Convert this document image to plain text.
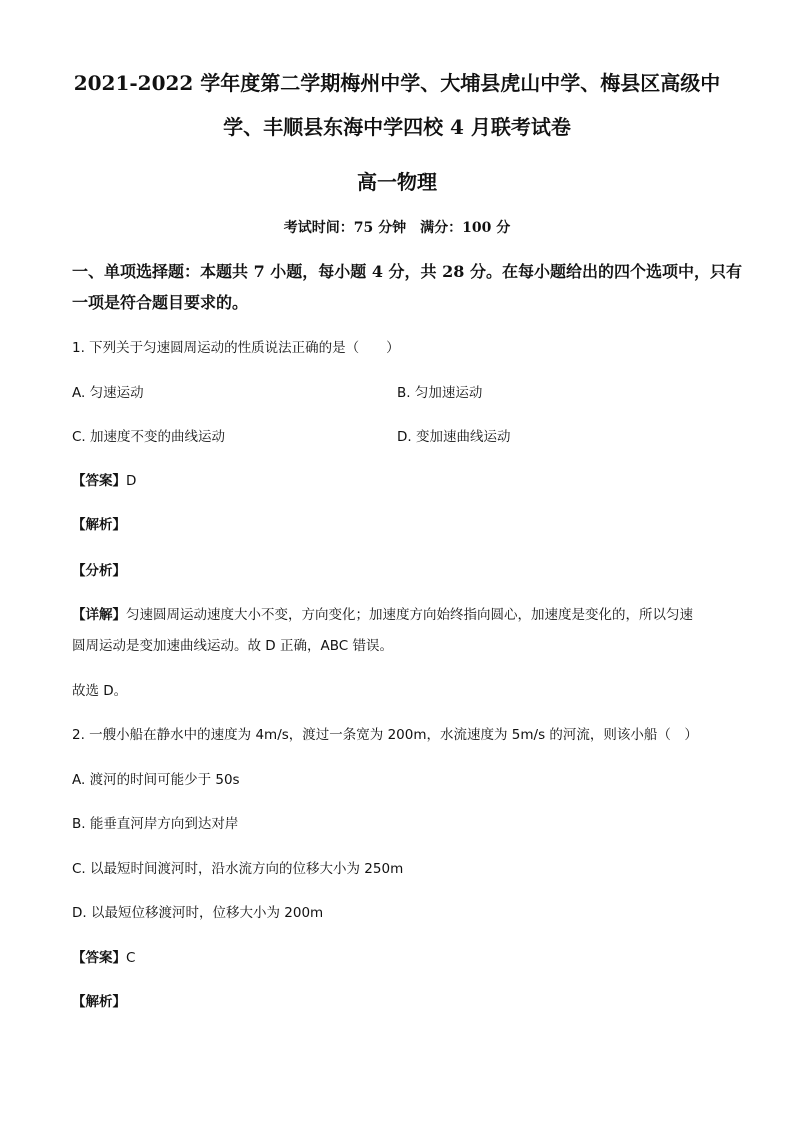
2021-2022 学年度第二学期梅州中学、大埔县虎山中学、梅县区高级中
学、丰顺县东海中学四校 4 月联考试卷
高一物理
考试时间：75 分钟　满分：100 分
一、单项选择题：本题共 7 小题，每小题 4 分，共 28 分。在每小题给出的四个选项中，只有
一项是符合题目要求的。
1. 下列关于匀速圆周运动的性质说法正确的是（　　）
A. 匀速运动	B. 匀加速运动
C. 加速度不变的曲线运动	D. 变加速曲线运动
【答案】D
【解析】
【分析】
【详解】匀速圆周运动速度大小不变，方向变化；加速度方向始终指向圆心，加速度是变化的，所以匀速
圆周运动是变加速曲线运动。故 D 正确，ABC 错误。
故选 D。
2. 一艘小船在静水中的速度为 4m/s，渡过一条宽为 200m，水流速度为 5m/s 的河流，则该小船（　）
A. 渡河的时间可能少于 50s
B. 能垂直河岸方向到达对岸
C. 以最短时间渡河时，沿水流方向的位移大小为 250m
D. 以最短位移渡河时，位移大小为 200m
【答案】C
【解析】
